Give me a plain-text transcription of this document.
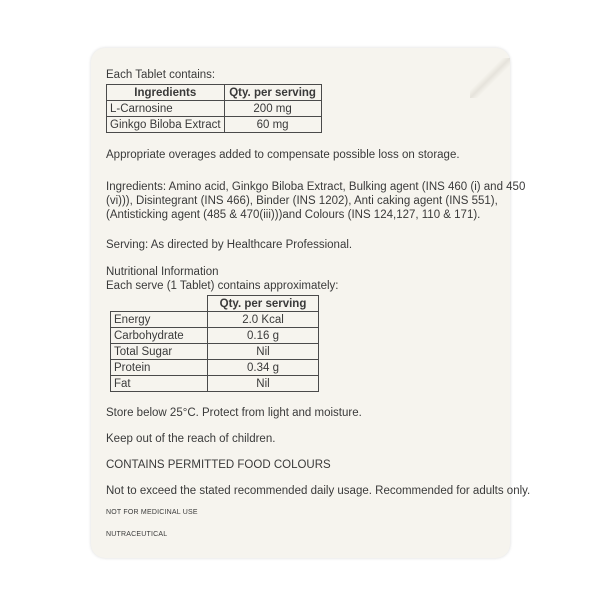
Each Tablet contains:
Ingredients	Qty. per serving
L-Carnosine	200 mg
Ginkgo Biloba Extract	60 mg
Appropriate overages added to compensate possible loss on storage.
Ingredients: Amino acid, Ginkgo Biloba Extract, Bulking agent (INS 460 (i) and 450
(vi))), Disintegrant (INS 466), Binder (INS 1202), Anti caking agent (INS 551),
(Antisticking agent (485 & 470(iii)))and Colours (INS 124,127, 110 & 171).
Serving: As directed by Healthcare Professional.
Nutritional Information
Each serve (1 Tablet) contains approximately:
	Qty. per serving
Energy	2.0 Kcal
Carbohydrate	0.16 g
Total Sugar	Nil
Protein	0.34 g
Fat	Nil
Store below 25°C. Protect from light and moisture.
Keep out of the reach of children.
CONTAINS PERMITTED FOOD COLOURS
Not to exceed the stated recommended daily usage. Recommended for adults only.
NOT FOR MEDICINAL USE
NUTRACEUTICAL
